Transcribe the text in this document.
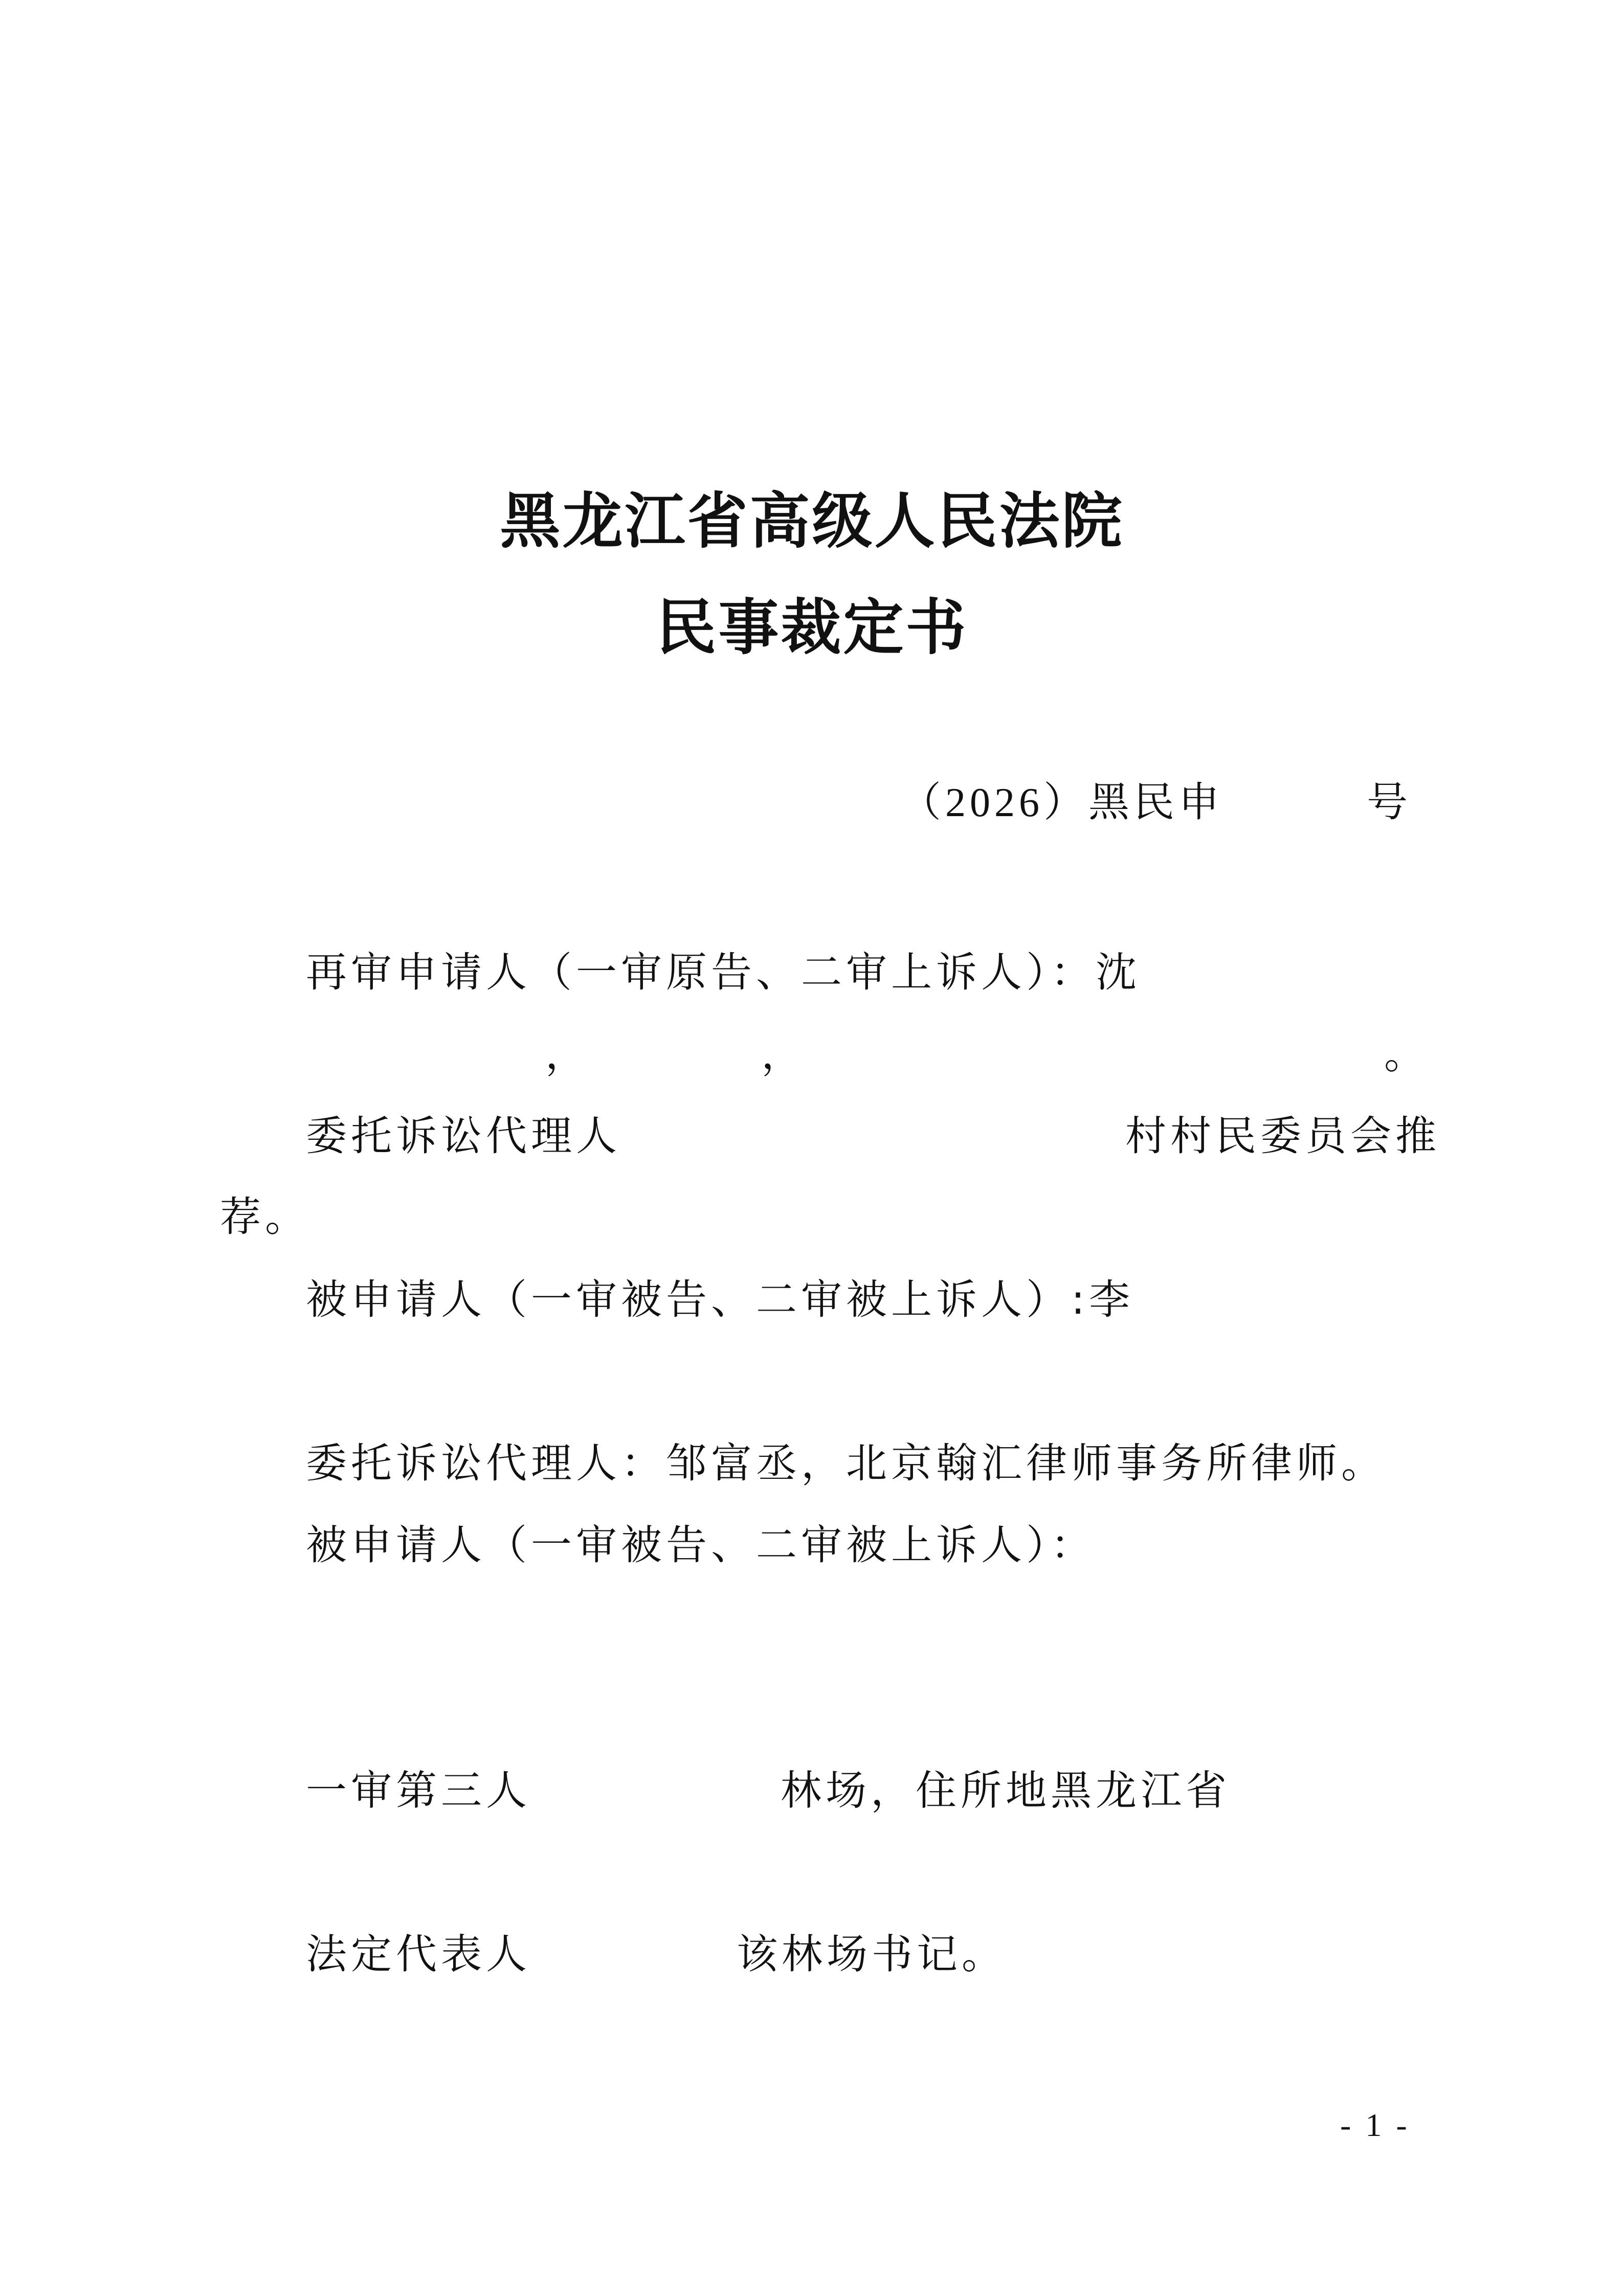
黑龙江省高级人民法院
民事裁定书
（2026）黑民申          号
再审申请人（一审原告、二审上诉人）：沈
，          ，	。
委托诉讼代理人	村村民委员会推
荐。
被申请人（一审被告、二审被上诉人）:李
委托诉讼代理人：邹富丞，北京翰汇律师事务所律师。
被申请人（一审被告、二审被上诉人）：
一审第三人	林场，住所地黑龙江省
法定代表人	该林场书记。
- 1 -
